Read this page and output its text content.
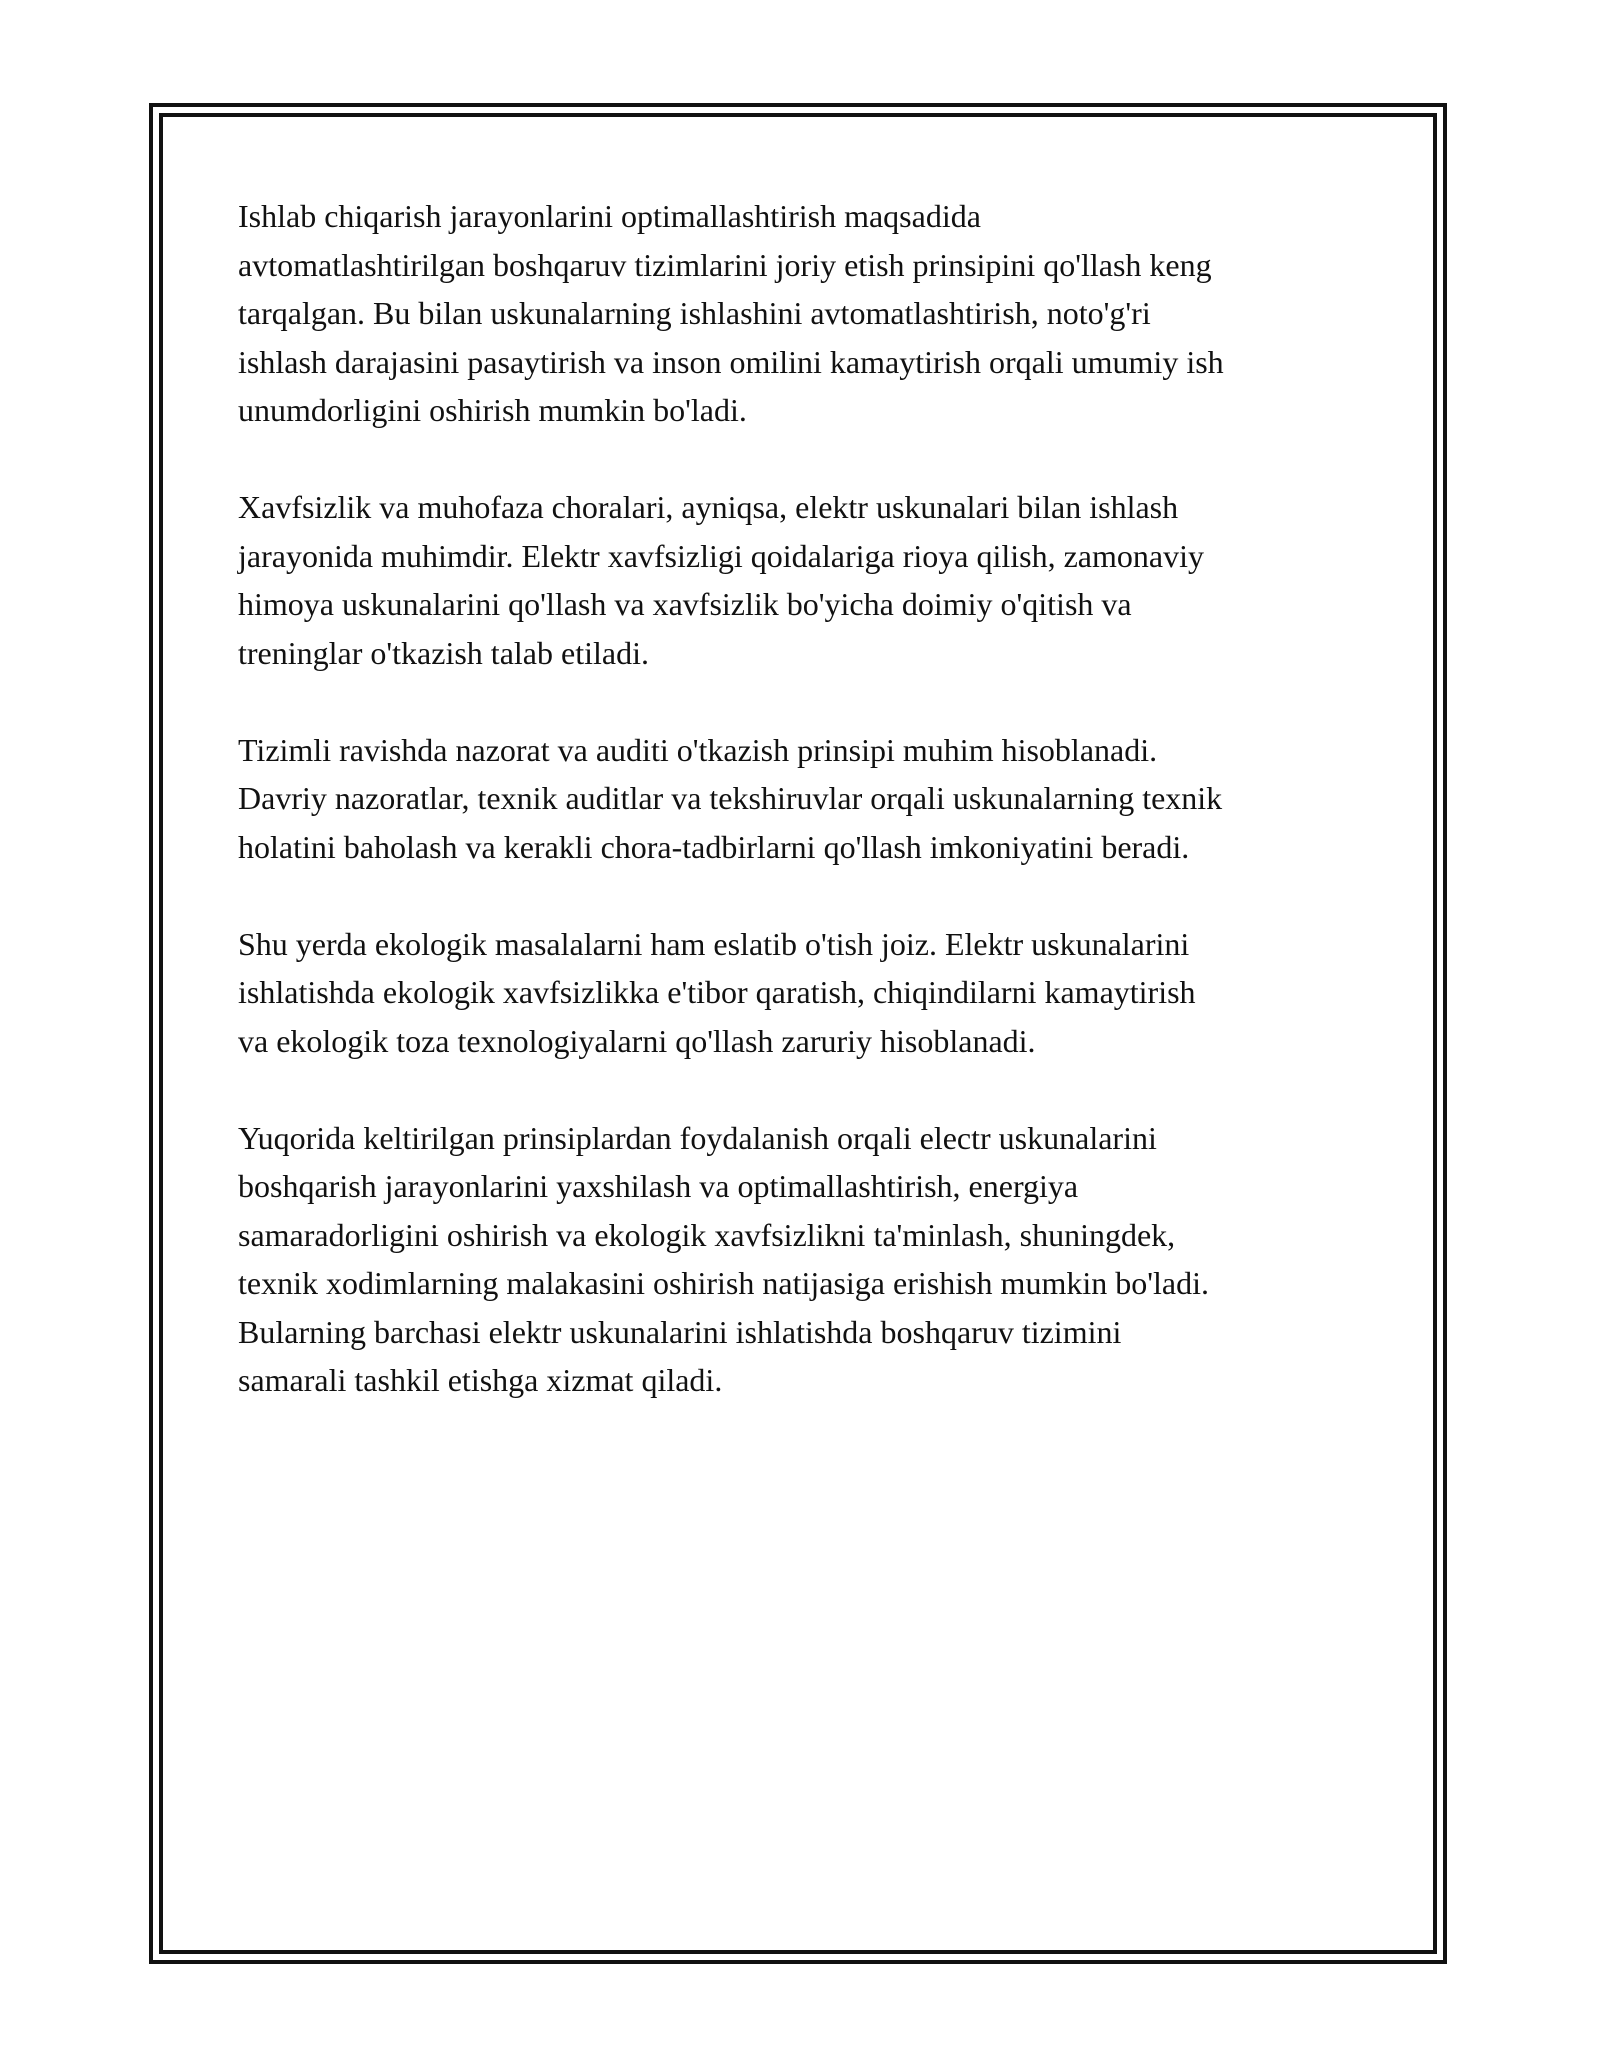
Ishlab chiqarish jarayonlarini optimallashtirish maqsadida
avtomatlashtirilgan boshqaruv tizimlarini joriy etish prinsipini qo'llash keng
tarqalgan. Bu bilan uskunalarning ishlashini avtomatlashtirish, noto'g'ri
ishlash darajasini pasaytirish va inson omilini kamaytirish orqali umumiy ish
unumdorligini oshirish mumkin bo'ladi.

Xavfsizlik va muhofaza choralari, ayniqsa, elektr uskunalari bilan ishlash
jarayonida muhimdir. Elektr xavfsizligi qoidalariga rioya qilish, zamonaviy
himoya uskunalarini qo'llash va xavfsizlik bo'yicha doimiy o'qitish va
treninglar o'tkazish talab etiladi.

Tizimli ravishda nazorat va auditi o'tkazish prinsipi muhim hisoblanadi.
Davriy nazoratlar, texnik auditlar va tekshiruvlar orqali uskunalarning texnik
holatini baholash va kerakli chora-tadbirlarni qo'llash imkoniyatini beradi.

Shu yerda ekologik masalalarni ham eslatib o'tish joiz. Elektr uskunalarini
ishlatishda ekologik xavfsizlikka e'tibor qaratish, chiqindilarni kamaytirish
va ekologik toza texnologiyalarni qo'llash zaruriy hisoblanadi.

Yuqorida keltirilgan prinsiplardan foydalanish orqali electr uskunalarini
boshqarish jarayonlarini yaxshilash va optimallashtirish, energiya
samaradorligini oshirish va ekologik xavfsizlikni ta'minlash, shuningdek,
texnik xodimlarning malakasini oshirish natijasiga erishish mumkin bo'ladi.
Bularning barchasi elektr uskunalarini ishlatishda boshqaruv tizimini
samarali tashkil etishga xizmat qiladi.
